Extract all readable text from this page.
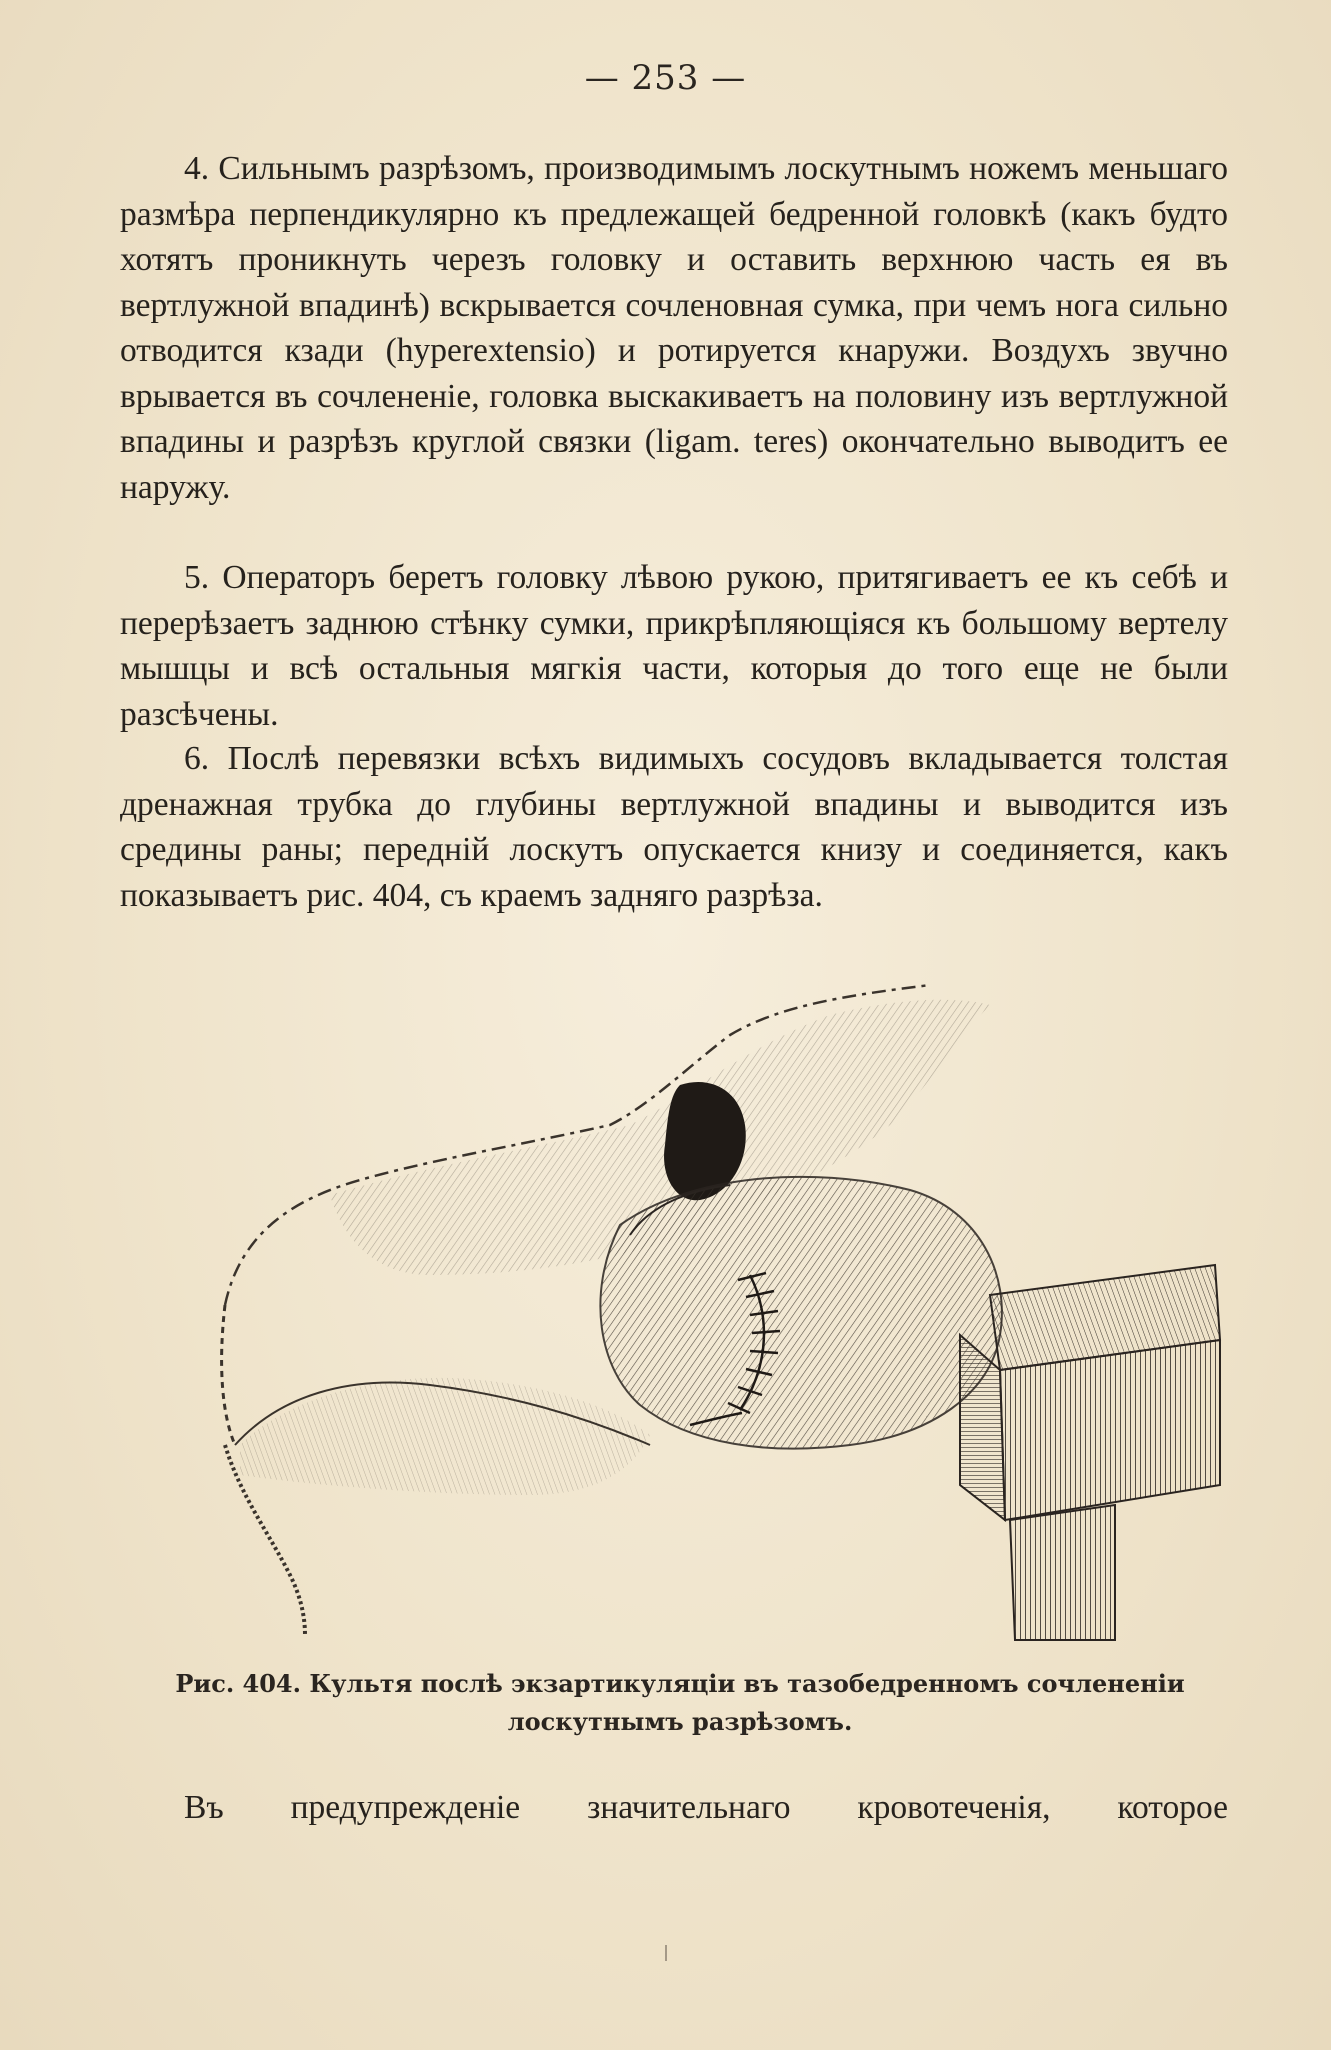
— 253 —

4. Сильнымъ разрѣзомъ, производимымъ лоскутнымъ ножемъ меньшаго размѣра перпендикулярно къ предлежащей бедренной головкѣ (какъ будто хотятъ проникнуть черезъ головку и оставить верхнюю часть ея въ вертлужной впадинѣ) вскрывается сочленовная сумка, при чемъ нога сильно отводится кзади (hyperextensio) и ротируется кнаружи. Воздухъ звучно врывается въ сочлененіе, головка выскакиваетъ на половину изъ вертлужной впадины и разрѣзъ круглой связки (ligam. teres) окончательно выводитъ ее наружу.

5. Операторъ беретъ головку лѣвою рукою, притягиваетъ ее къ себѣ и перерѣзаетъ заднюю стѣнку сумки, прикрѣпляющіяся къ большому вертелу мышцы и всѣ остальныя мягкія части, которыя до того еще не были разсѣчены.

6. Послѣ перевязки всѣхъ видимыхъ сосудовъ вкладывается толстая дренажная трубка до глубины вертлужной впадины и выводится изъ средины раны; передній лоскутъ опускается книзу и соединяется, какъ показываетъ рис. 404, съ краемъ задняго разрѣза.

Рис. 404. Культя послѣ экзартикуляціи въ тазобедренномъ сочлененіи лоскутнымъ разрѣзомъ.
Въ предупрежденіе значительнаго кровотеченія, которое
